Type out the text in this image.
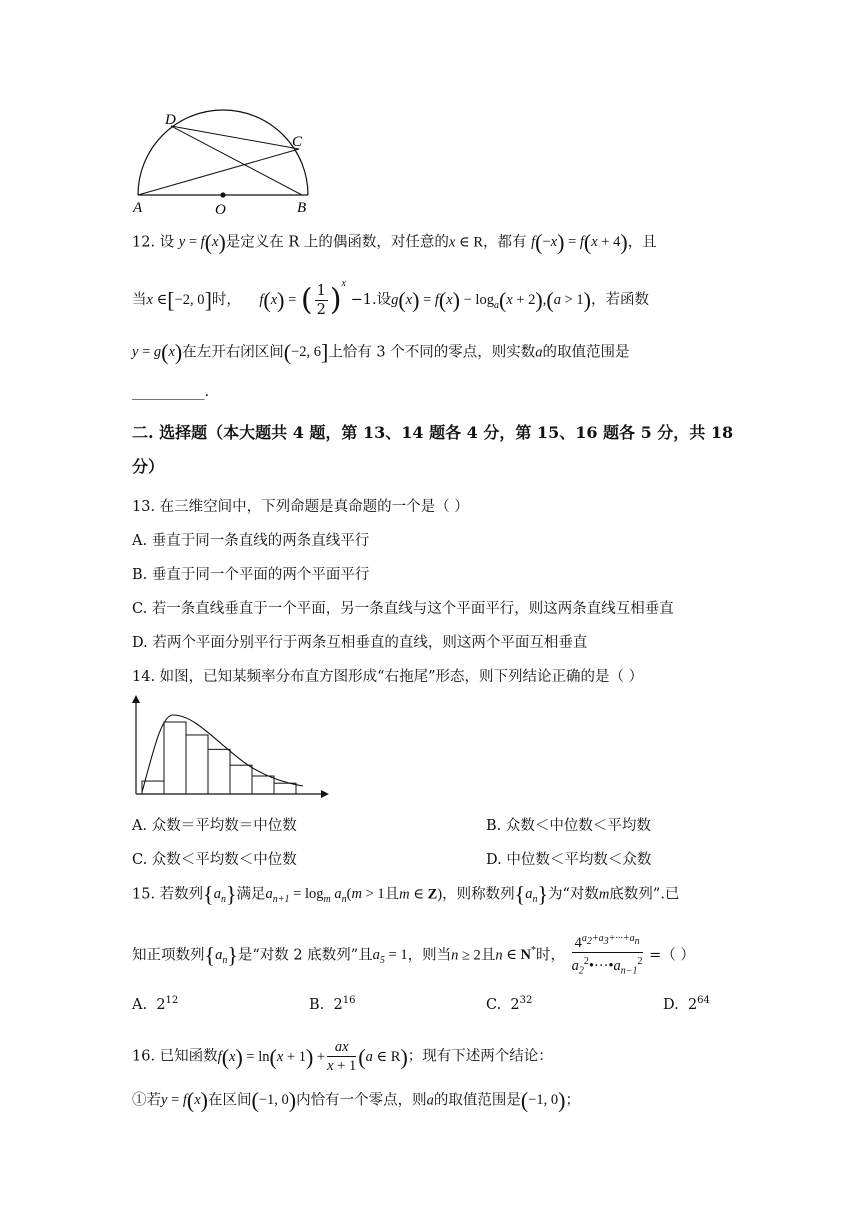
D
C
A	O	B
12. 设 y = f(x)是定义在 R 上的偶函数，对任意的x ∈ R，都有 f(−x) = f(x + 4)，且
当x ∈[−2, 0]时， f(x) = ( $\frac{1}{2} )^x -1$.设$g(x) = f(x) - \log_a(x + 2),(a > 1)$，若函数
y = g(x)在左开右闭区间(−2, 6]上恰有 3 个不同的零点，则实数a的取值范围是
__________.
二. 选择题（本大题共 4 题，第 13、14 题各 4 分，第 15、16 题各 5 分，共 18
分）
13. 在三维空间中，下列命题是真命题的一个是（ ）
A. 垂直于同一条直线的两条直线平行
B. 垂直于同一个平面的两个平面平行
C. 若一条直线垂直于一个平面，另一条直线与这个平面平行，则这两条直线互相垂直
D. 若两个平面分别平行于两条互相垂直的直线，则这两个平面互相垂直
14. 如图，已知某频率分布直方图形成“右拖尾”形态，则下列结论正确的是（ ）
A. 众数＝平均数＝中位数	B. 众数＜中位数＜平均数
C. 众数＜平均数＜中位数	D. 中位数＜平均数＜众数
15. 若数列$\{a_n\}$满足$a_{n+1} = \log_m a_n(m > 1$且m ∈ Z)，则称数列$\{a_n\}$为“对数m底数列”.已
知正项数列$\{a_n\}$是“对数 2 底数列”且$a_5 = 1$，则当n ≥ 2且n ∈ N*时， $\frac{4^{a_2+a_3+\cdot\cdot\cdot+a_n}}{a_2^2•\cdot\cdot\cdot•a_{n-1}^2}$ =（ ）
A. $2^{12}$	B. $2^{16}$	C. $2^{32}$	D. $2^{64}$
16. 已知函数$f(x) = \ln(x + 1) + \frac{ax}{x + 1} (a$ ∈ R)；现有下述两个结论：
①若y = f(x)在区间(−1, 0)内恰有一个零点，则a的取值范围是(−1, 0)；
